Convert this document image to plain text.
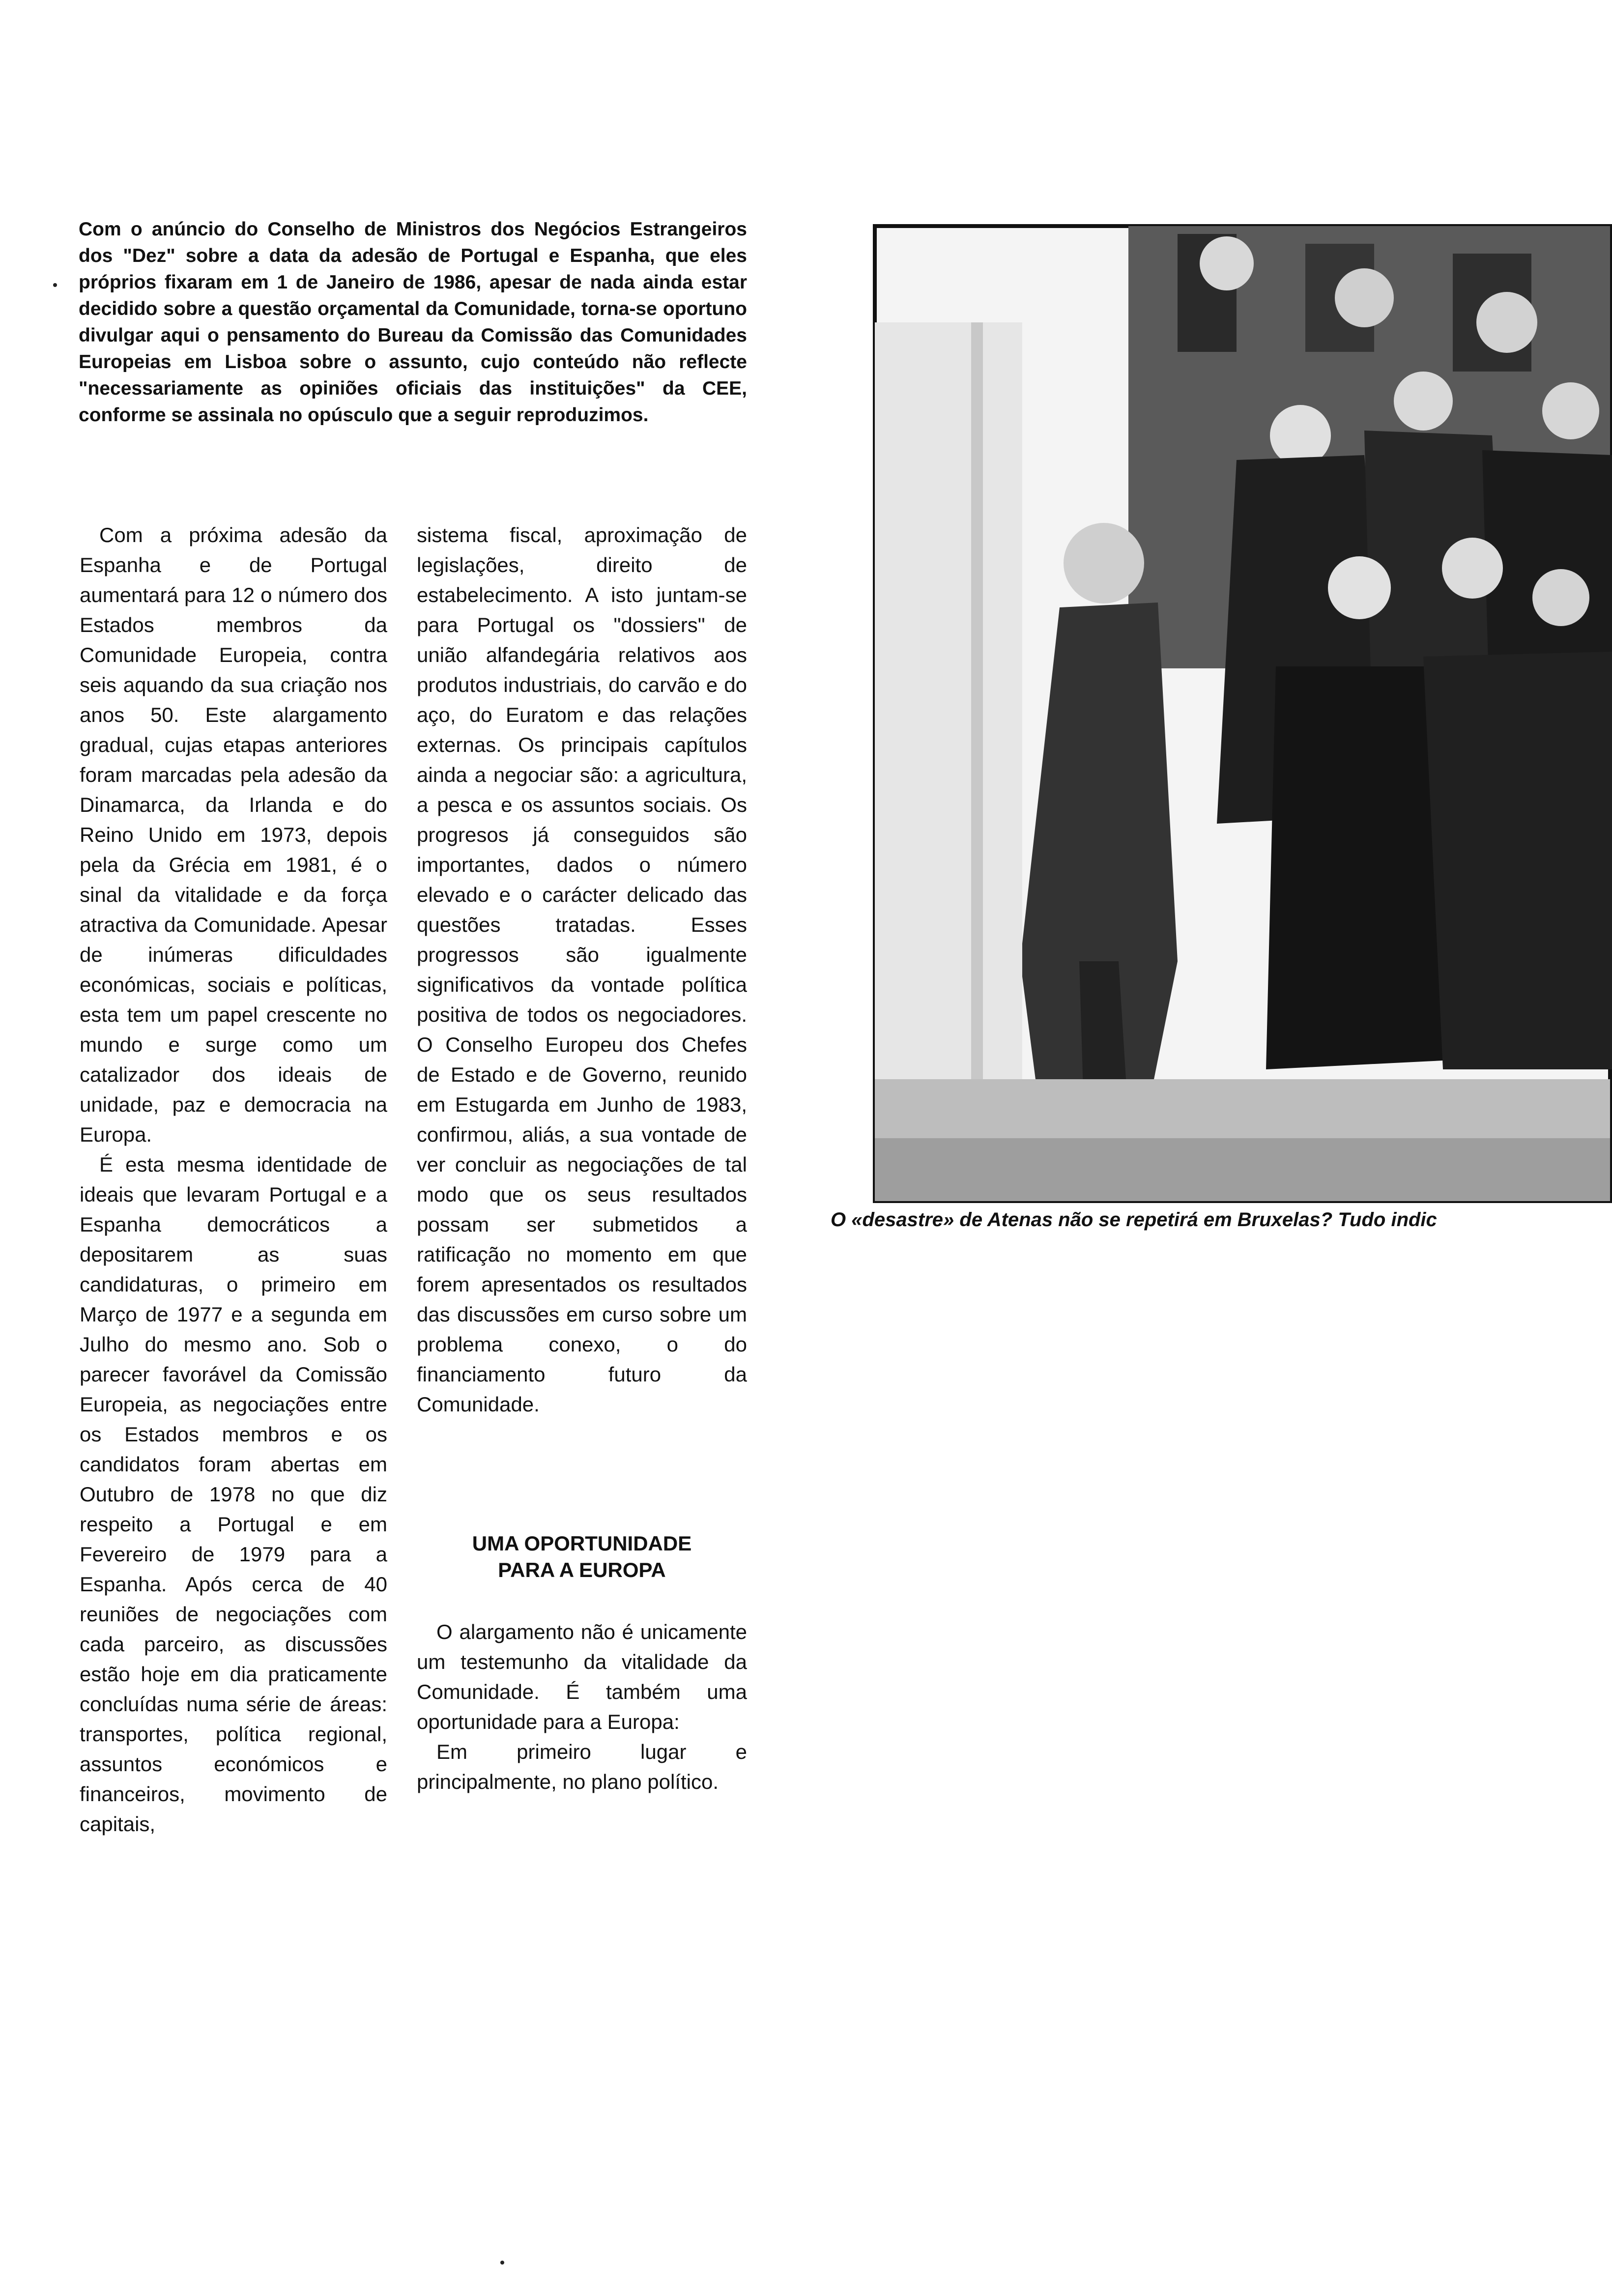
Com o anúncio do Conselho de Ministros dos Negócios Estrangeiros dos "Dez" sobre a data da adesão de Portugal e Espanha, que eles próprios fixaram em 1 de Janeiro de 1986, apesar de nada ainda estar decidido sobre a questão orçamental da Comunidade, torna-se oportuno divulgar aqui o pensamento do Bureau da Comissão das Comunidades Europeias em Lisboa sobre o assunto, cujo conteúdo não reflecte "necessariamente as opiniões oficiais das instituições" da CEE, conforme se assinala no opúsculo que a seguir reproduzimos.

Com a próxima adesão da Espanha e de Portugal aumentará para 12 o número dos Estados membros da Comunidade Europeia, contra seis aquando da sua criação nos anos 50. Este alargamento gradual, cujas etapas anteriores foram marcadas pela adesão da Dinamarca, da Irlanda e do Reino Unido em 1973, depois pela da Grécia em 1981, é o sinal da vitalidade e da força atractiva da Comunidade. Apesar de inúmeras dificuldades económicas, sociais e políticas, esta tem um papel crescente no mundo e surge como um catalizador dos ideais de unidade, paz e democracia na Europa.

É esta mesma identidade de ideais que levaram Portugal e a Espanha democráticos a depositarem as suas candidaturas, o primeiro em Março de 1977 e a segunda em Julho do mesmo ano. Sob o parecer favorável da Comissão Europeia, as negociações entre os Estados membros e os candidatos foram abertas em Outubro de 1978 no que diz respeito a Portugal e em Fevereiro de 1979 para a Espanha. Após cerca de 40 reuniões de negociações com cada parceiro, as discussões estão hoje em dia praticamente concluídas numa série de áreas: transportes, política regional, assuntos económicos e financeiros, movimento de capitais,

sistema fiscal, aproximação de legislações, direito de estabelecimento. A isto juntam-se para Portugal os "dossiers" de união alfandegária relativos aos produtos industriais, do carvão e do aço, do Euratom e das relações externas. Os principais capítulos ainda a negociar são: a agricultura, a pesca e os assuntos sociais. Os progresos já conseguidos são importantes, dados o número elevado e o carácter delicado das questões tratadas. Esses progressos são igualmente significativos da vontade política positiva de todos os negociadores. O Conselho Europeu dos Chefes de Estado e de Governo, reunido em Estugarda em Junho de 1983, confirmou, aliás, a sua vontade de ver concluir as negociações de tal modo que os seus resultados possam ser submetidos a ratificação no momento em que forem apresentados os resultados das discussões em curso sobre um problema conexo, o do financiamento futuro da Comunidade.

UMA OPORTUNIDADE
PARA A EUROPA

O alargamento não é unicamente um testemunho da vitalidade da Comunidade. É também uma oportunidade para a Europa:

Em primeiro lugar e principalmente, no plano político.

O «desastre» de Atenas não se repetirá em Bruxelas? Tudo indic
